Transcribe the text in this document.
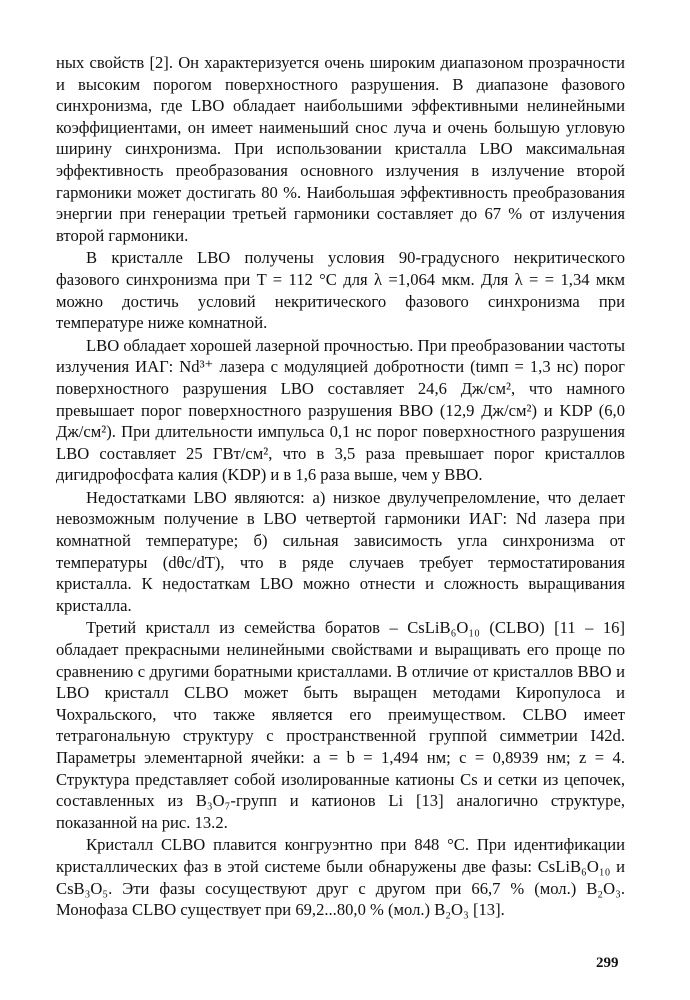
ных свойств [2]. Он характеризуется очень широким диапазоном прозрачности и высоким порогом поверхностного разрушения. В диапазоне фазового синхронизма, где LBO обладает наибольшими эффективными нелинейными коэффициентами, он имеет наименьший снос луча и очень большую угловую ширину синхронизма. При использовании кристалла LBO максимальная эффективность преобразования основного излучения в излучение второй гармоники может достигать 80 %. Наибольшая эффективность преобразования энергии при генерации третьей гармоники составляет до 67 % от излучения второй гармоники.

В кристалле LBO получены условия 90-градусного некритического фазового синхронизма при T = 112 °С для λ =1,064 мкм. Для λ = = 1,34 мкм можно достичь условий некритического фазового синхронизма при температуре ниже комнатной.

LBO обладает хорошей лазерной прочностью. При преобразовании частоты излучения ИАГ: Nd³⁺ лазера с модуляцией добротности (tимп = 1,3 нс) порог поверхностного разрушения LBO составляет 24,6 Дж/см², что намного превышает порог поверхностного разрушения BBO (12,9 Дж/см²) и KDP (6,0 Дж/см²). При длительности импульса 0,1 нс порог поверхностного разрушения LBO составляет 25 ГВт/см², что в 3,5 раза превышает порог кристаллов дигидрофосфата калия (KDP) и в 1,6 раза выше, чем у BBO.

Недостатками LBO являются: а) низкое двулучепреломление, что делает невозможным получение в LBO четвертой гармоники ИАГ: Nd лазера при комнатной температуре; б) сильная зависимость угла синхронизма от температуры (dθс/dT), что в ряде случаев требует термостатирования кристалла. К недостаткам LBO можно отнести и сложность выращивания кристалла.

Третий кристалл из семейства боратов – CsLiB₆O₁₀ (CLBO) [11 – 16] обладает прекрасными нелинейными свойствами и выращивать его проще по сравнению с другими боратными кристаллами. В отличие от кристаллов BBO и LBO кристалл CLBO может быть выращен методами Киропулоса и Чохральского, что также является его преимуществом. CLBO имеет тетрагональную структуру с пространственной группой симметрии I42d. Параметры элементарной ячейки: a = b = 1,494 нм; c = 0,8939 нм; z = 4. Структура представляет собой изолированные катионы Cs и сетки из цепочек, составленных из B₃O₇-групп и катионов Li [13] аналогично структуре, показанной на рис. 13.2.

Кристалл CLBO плавится конгруэнтно при 848 °С. При идентификации кристаллических фаз в этой системе были обнаружены две фазы: CsLiB₆O₁₀ и CsB₃O₅. Эти фазы сосуществуют друг с другом при 66,7 % (мол.) B₂O₃. Монофаза CLBO существует при 69,2...80,0 % (мол.) B₂O₃ [13].

299
